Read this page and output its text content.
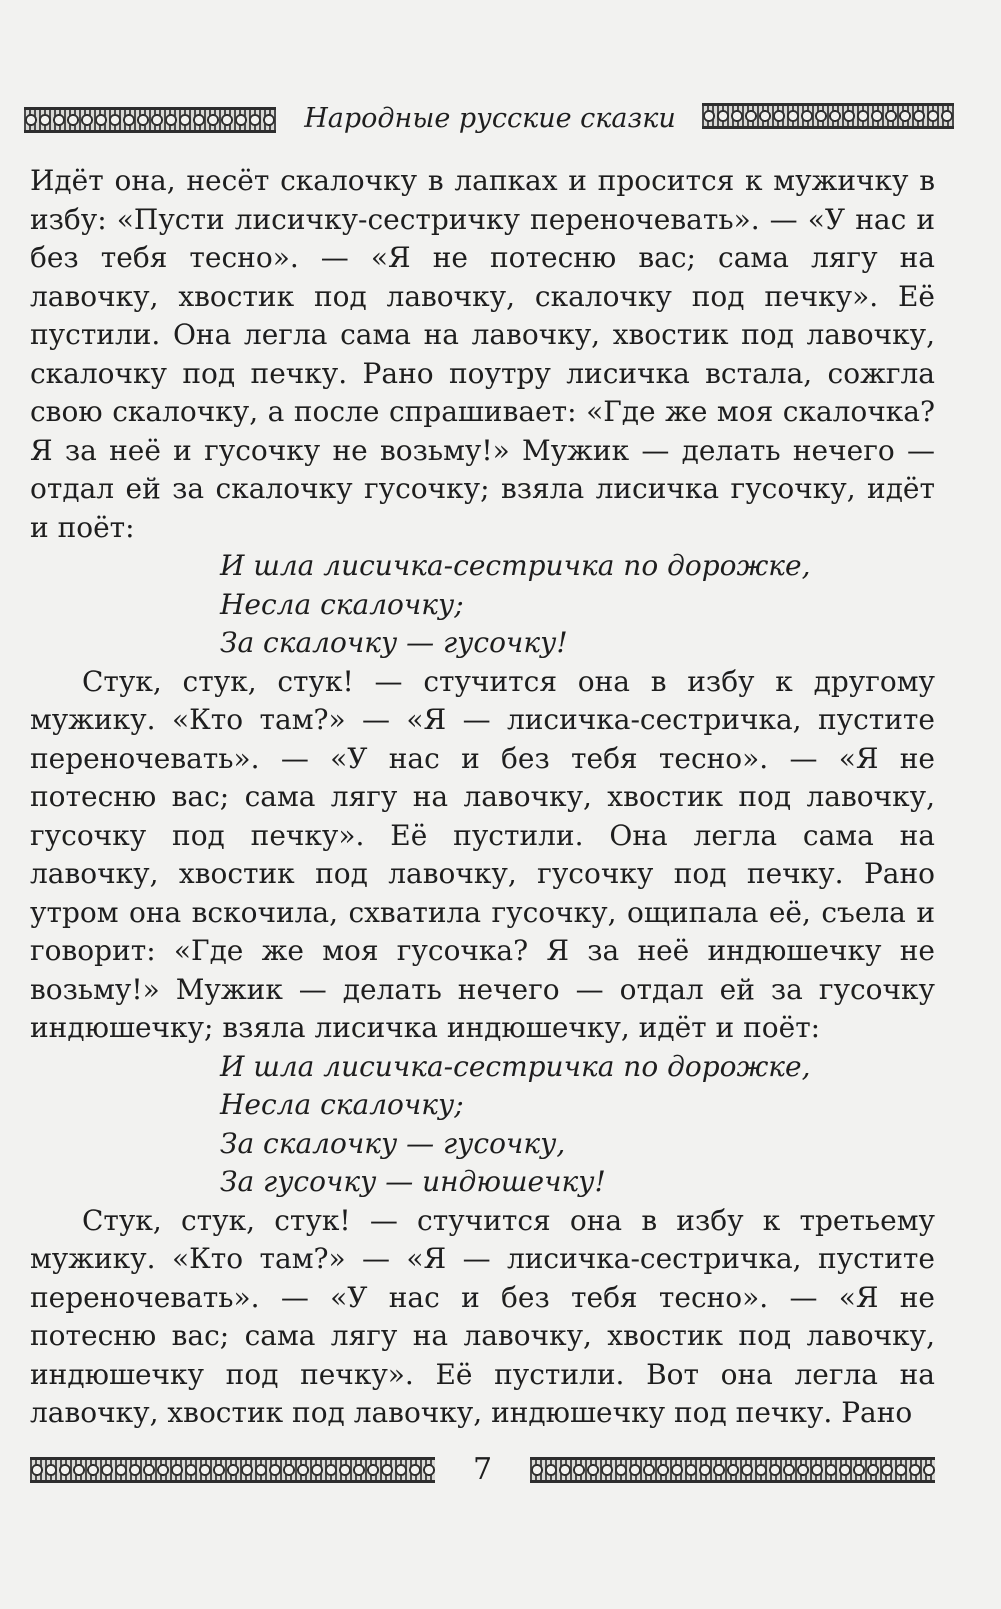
Народные русские сказки

Идёт она, несёт скалочку в лапках и просится к мужичку в избу: «Пусти лисичку-сестричку переночевать». — «У нас и без тебя тесно». — «Я не потесню вас; сама лягу на лавочку, хвостик под лавочку, скалочку под печку». Её пустили. Она легла сама на лавочку, хвостик под лавочку, скалочку под печку. Рано поутру лисичка встала, сожгла свою скалочку, а после спрашивает: «Где же моя скалочка? Я за неё и гусочку не возьму!» Мужик — делать нечего — отдал ей за скалочку гусочку; взяла лисичка гусочку, идёт и поёт:

И шла лисичка-сестричка по дорожке,
Несла скалочку;
За скалочку — гусочку!

Стук, стук, стук! — стучится она в избу к другому мужику. «Кто там?» — «Я — лисичка-сестричка, пустите переночевать». — «У нас и без тебя тесно». — «Я не потесню вас; сама лягу на лавочку, хвостик под лавочку, гусочку под печку». Её пустили. Она легла сама на лавочку, хвостик под лавочку, гусочку под печку. Рано утром она вскочила, схватила гусочку, ощипала её, съела и говорит: «Где же моя гусочка? Я за неё индюшечку не возьму!» Мужик — делать нечего — отдал ей за гусочку индюшечку; взяла лисичка индюшечку, идёт и поёт:

И шла лисичка-сестричка по дорожке,
Несла скалочку;
За скалочку — гусочку,
За гусочку — индюшечку!

Стук, стук, стук! — стучится она в избу к третьему мужику. «Кто там?» — «Я — лисичка-сестричка, пустите переночевать». — «У нас и без тебя тесно». — «Я не потесню вас; сама лягу на лавочку, хвостик под лавочку, индюшечку под печку». Её пустили. Вот она легла на лавочку, хвостик под лавочку, индюшечку под печку. Рано

7
